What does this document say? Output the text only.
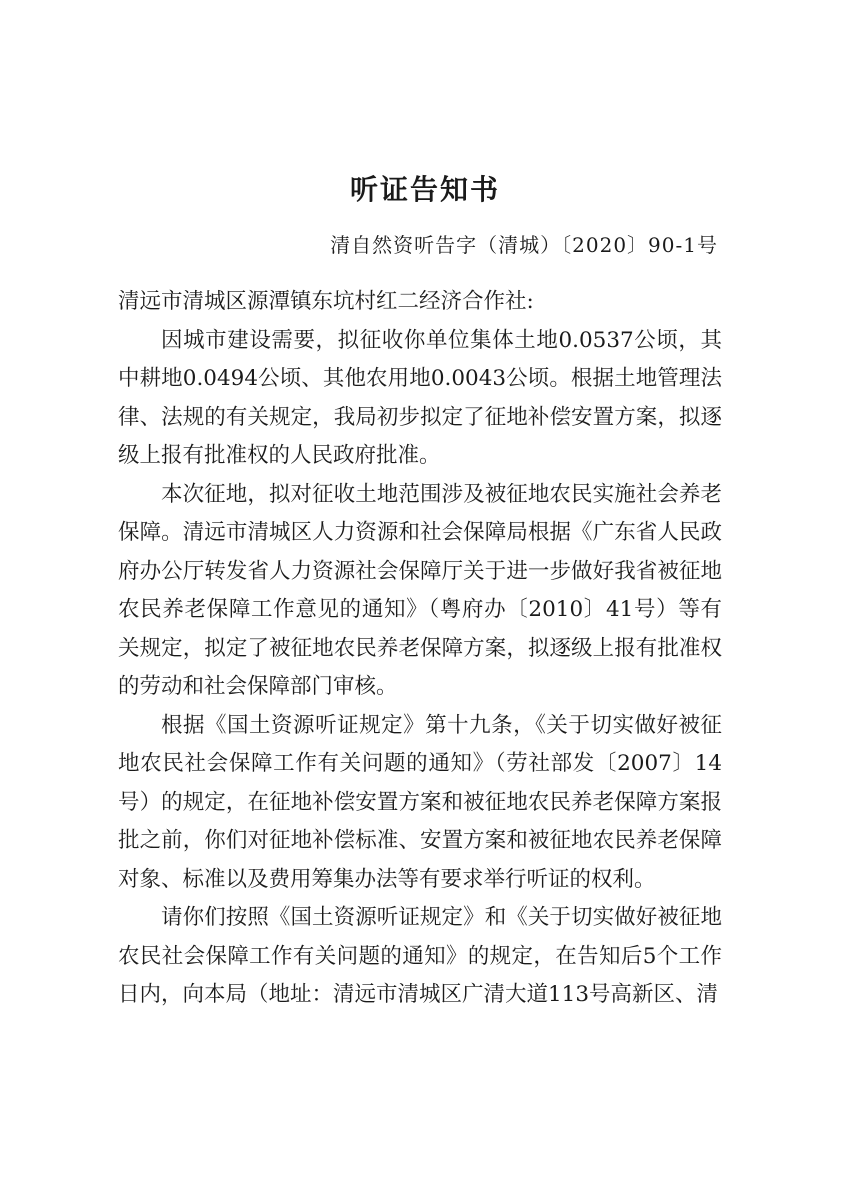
听证告知书
清自然资听告字（清城）〔2020〕90-1号

清远市清城区源潭镇东坑村红二经济合作社:

因城市建设需要，拟征收你单位集体土地0.0537公顷，其中耕地0.0494公顷、其他农用地0.0043公顷。根据土地管理法律、法规的有关规定，我局初步拟定了征地补偿安置方案，拟逐级上报有批准权的人民政府批准。

本次征地，拟对征收土地范围涉及被征地农民实施社会养老保障。清远市清城区人力资源和社会保障局根据《广东省人民政府办公厅转发省人力资源社会保障厅关于进一步做好我省被征地农民养老保障工作意见的通知》（粤府办〔2010〕41号）等有关规定，拟定了被征地农民养老保障方案，拟逐级上报有批准权的劳动和社会保障部门审核。

根据《国土资源听证规定》第十九条，《关于切实做好被征地农民社会保障工作有关问题的通知》（劳社部发〔2007〕14号）的规定，在征地补偿安置方案和被征地农民养老保障方案报批之前，你们对征地补偿标准、安置方案和被征地农民养老保障对象、标准以及费用筹集办法等有要求举行听证的权利。

请你们按照《国土资源听证规定》和《关于切实做好被征地农民社会保障工作有关问题的通知》的规定，在告知后5个工作日内，向本局（地址：清远市清城区广清大道113号高新区、清
